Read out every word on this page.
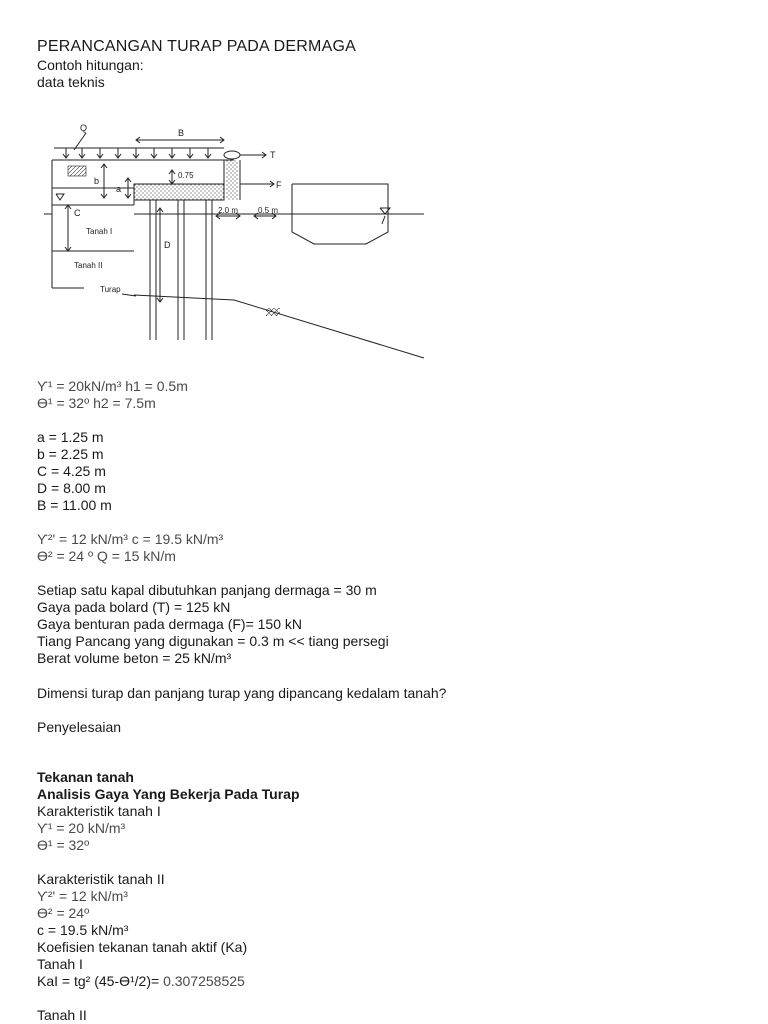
PERANCANGAN TURAP PADA DERMAGA
Contoh hitungan:
data teknis
Q	B
T
F
b
a
C
D
0.75
2.0 m 0.5 m
Tanah I
Tanah II
Turap
ϒ¹ = 20kN/m³ h1 = 0.5m
ϴ¹ = 32º h2 = 7.5m
a = 1.25 m
b = 2.25 m
C = 4.25 m
D = 8.00 m
B = 11.00 m
ϒ²' = 12 kN/m³ c = 19.5 kN/m³
ϴ² = 24 º Q = 15 kN/m
Setiap satu kapal dibutuhkan panjang dermaga = 30 m
Gaya pada bolard (T) = 125 kN
Gaya benturan pada dermaga (F)= 150 kN
Tiang Pancang yang digunakan = 0.3 m << tiang persegi
Berat volume beton = 25 kN/m³
Dimensi turap dan panjang turap yang dipancang kedalam tanah?
Penyelesaian
Tekanan tanah
Analisis Gaya Yang Bekerja Pada Turap
Karakteristik tanah I
ϒ¹ = 20 kN/m³
ϴ¹ = 32º
Karakteristik tanah II
ϒ²' = 12 kN/m³
ϴ² = 24º
c = 19.5 kN/m³
Koefisien tekanan tanah aktif (Ka)
Tanah I
KaI = tg² (45-ϴ¹/2)= 0.307258525
Tanah II
